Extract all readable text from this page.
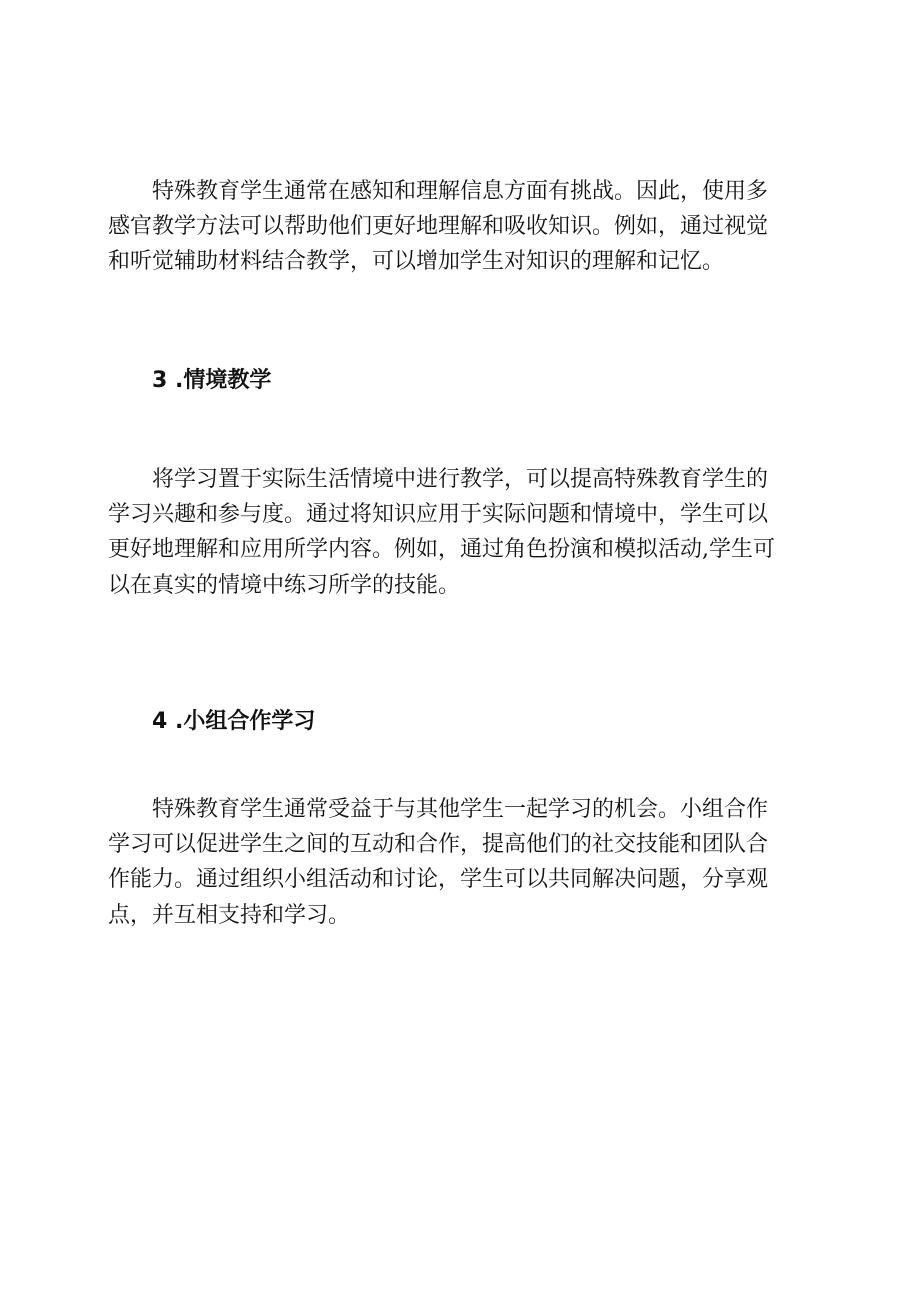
特殊教育学生通常在感知和理解信息方面有挑战。因此，使用多
感官教学方法可以帮助他们更好地理解和吸收知识。例如，通过视觉
和听觉辅助材料结合教学，可以增加学生对知识的理解和记忆。

3 .情境教学

将学习置于实际生活情境中进行教学，可以提高特殊教育学生的
学习兴趣和参与度。通过将知识应用于实际问题和情境中，学生可以
更好地理解和应用所学内容。例如，通过角色扮演和模拟活动,学生可
以在真实的情境中练习所学的技能。

4 .小组合作学习

特殊教育学生通常受益于与其他学生一起学习的机会。小组合作
学习可以促进学生之间的互动和合作，提高他们的社交技能和团队合
作能力。通过组织小组活动和讨论，学生可以共同解决问题，分享观
点，并互相支持和学习。
